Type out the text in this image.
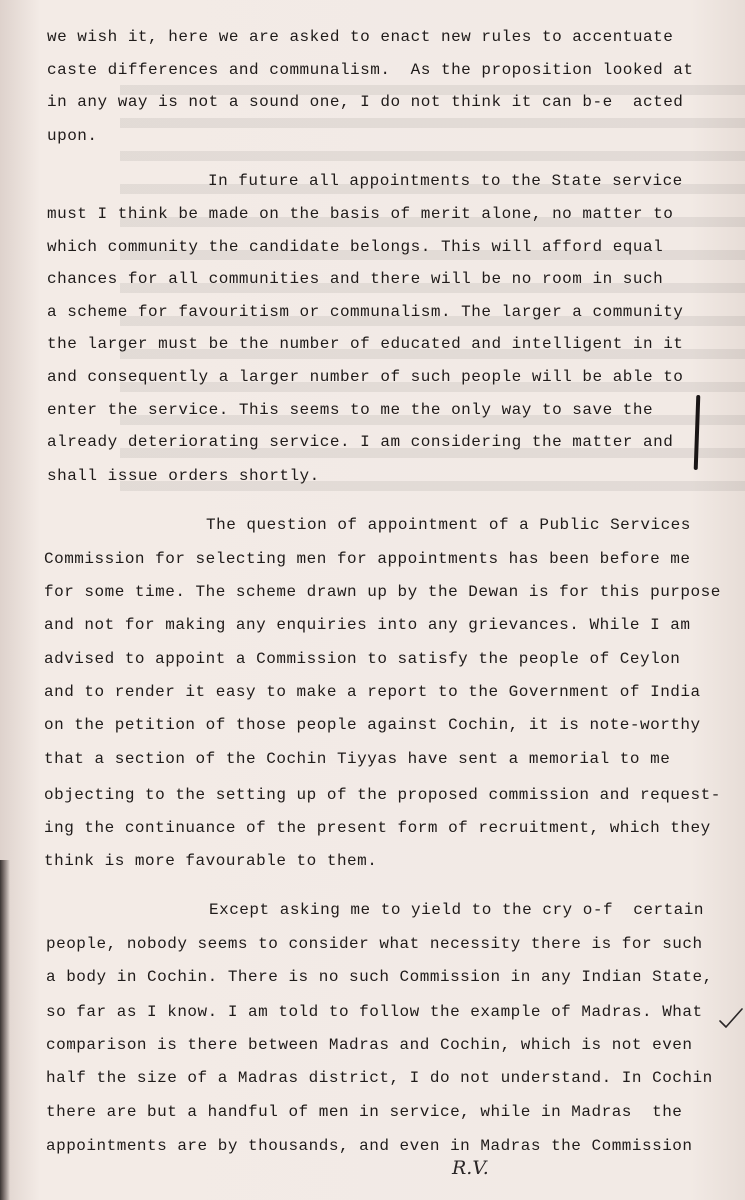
we wish it, here we are asked to enact new rules to accentuate
caste differences and communalism.  As the proposition looked at
in any way is not a sound one, I do not think it can b-e  acted
upon.
In future all appointments to the State service
must I think be made on the basis of merit alone, no matter to
which community the candidate belongs. This will afford equal
chances for all communities and there will be no room in such
a scheme for favouritism or communalism. The larger a community
the larger must be the number of educated and intelligent in it
and consequently a larger number of such people will be able to
enter the service. This seems to me the only way to save the
already deteriorating service. I am considering the matter and
shall issue orders shortly.
The question of appointment of a Public Services
Commission for selecting men for appointments has been before me
for some time. The scheme drawn up by the Dewan is for this purpose
and not for making any enquiries into any grievances. While I am
advised to appoint a Commission to satisfy the people of Ceylon
and to render it easy to make a report to the Government of India
on the petition of those people against Cochin, it is note-worthy
that a section of the Cochin Tiyyas have sent a memorial to me
objecting to the setting up of the proposed commission and request-
ing the continuance of the present form of recruitment, which they
think is more favourable to them.
Except asking me to yield to the cry o-f  certain
people, nobody seems to consider what necessity there is for such
a body in Cochin. There is no such Commission in any Indian State,
so far as I know. I am told to follow the example of Madras. What
comparison is there between Madras and Cochin, which is not even
half the size of a Madras district, I do not understand. In Cochin
there are but a handful of men in service, while in Madras  the
appointments are by thousands, and even in Madras the Commission
R.V.
